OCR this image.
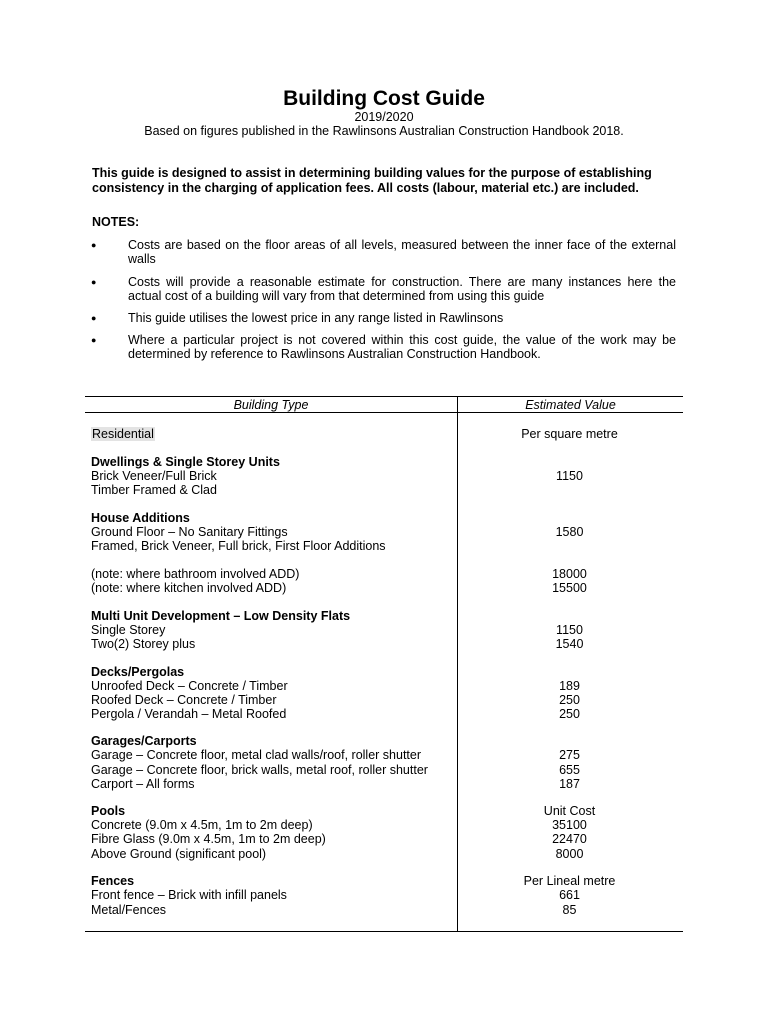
Building Cost Guide
2019/2020
Based on figures published in the Rawlinsons Australian Construction Handbook 2018.
This guide is designed to assist in determining building values for the purpose of establishing consistency in the charging of application fees. All costs (labour, material etc.) are included.
NOTES:
●	Costs are based on the floor areas of all levels, measured between the inner face of the external walls
●	Costs will provide a reasonable estimate for construction. There are many instances here the actual cost of a building will vary from that determined from using this guide
●	This guide utilises the lowest price in any range listed in Rawlinsons
●	Where a particular project is not covered within this cost guide, the value of the work may be determined by reference to Rawlinsons Australian Construction Handbook.
Building Type	Estimated Value
Residential	Per square metre
Dwellings & Single Storey Units
Brick Veneer/Full Brick	1150
Timber Framed & Clad
House Additions
Ground Floor – No Sanitary Fittings	1580
Framed, Brick Veneer, Full brick, First Floor Additions
(note: where bathroom involved ADD)	18000
(note: where kitchen involved ADD)	15500
Multi Unit Development – Low Density Flats
Single Storey	1150
Two(2) Storey plus	1540
Decks/Pergolas
Unroofed Deck – Concrete / Timber	189
Roofed Deck – Concrete / Timber	250
Pergola / Verandah – Metal Roofed	250
Garages/Carports
Garage – Concrete floor, metal clad walls/roof, roller shutter	275
Garage – Concrete floor, brick walls, metal roof, roller shutter	655
Carport – All forms	187
Pools	Unit Cost
Concrete (9.0m x 4.5m, 1m to 2m deep)	35100
Fibre Glass (9.0m x 4.5m, 1m to 2m deep)	22470
Above Ground (significant pool)	8000
Fences	Per Lineal metre
Front fence – Brick with infill panels	661
Metal/Fences	85
